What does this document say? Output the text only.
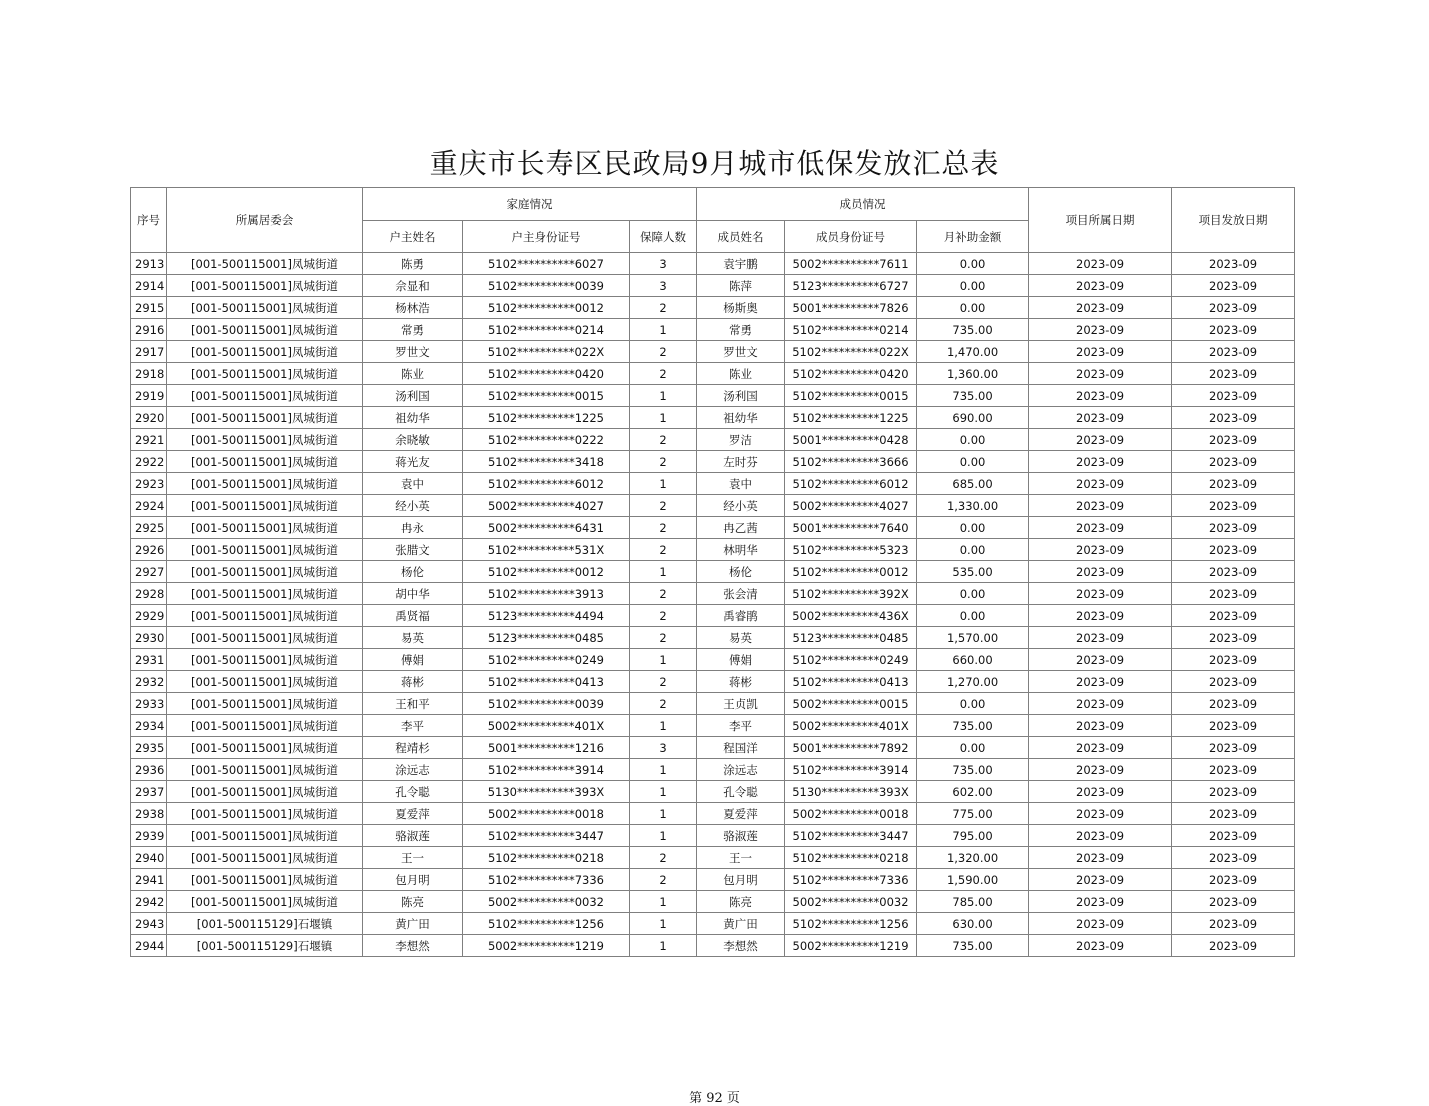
重庆市长寿区民政局9月城市低保发放汇总表
序号	所属居委会	家庭情况			成员情况			项目所属日期	项目发放日期
		户主姓名	户主身份证号	保障人数	成员姓名	成员身份证号	月补助金额		
2913	[001-500115001]凤城街道	陈勇	5102**********6027	3	袁宇鹏	5002**********7611	0.00	2023-09	2023-09
2914	[001-500115001]凤城街道	佘显和	5102**********0039	3	陈萍	5123**********6727	0.00	2023-09	2023-09
2915	[001-500115001]凤城街道	杨林浩	5102**********0012	2	杨斯奥	5001**********7826	0.00	2023-09	2023-09
2916	[001-500115001]凤城街道	常勇	5102**********0214	1	常勇	5102**********0214	735.00	2023-09	2023-09
2917	[001-500115001]凤城街道	罗世文	5102**********022X	2	罗世文	5102**********022X	1,470.00	2023-09	2023-09
2918	[001-500115001]凤城街道	陈业	5102**********0420	2	陈业	5102**********0420	1,360.00	2023-09	2023-09
2919	[001-500115001]凤城街道	汤利国	5102**********0015	1	汤利国	5102**********0015	735.00	2023-09	2023-09
2920	[001-500115001]凤城街道	祖幼华	5102**********1225	1	祖幼华	5102**********1225	690.00	2023-09	2023-09
2921	[001-500115001]凤城街道	余晓敏	5102**********0222	2	罗洁	5001**********0428	0.00	2023-09	2023-09
2922	[001-500115001]凤城街道	蒋光友	5102**********3418	2	左时芬	5102**********3666	0.00	2023-09	2023-09
2923	[001-500115001]凤城街道	袁中	5102**********6012	1	袁中	5102**********6012	685.00	2023-09	2023-09
2924	[001-500115001]凤城街道	经小英	5002**********4027	2	经小英	5002**********4027	1,330.00	2023-09	2023-09
2925	[001-500115001]凤城街道	冉永	5002**********6431	2	冉乙茜	5001**********7640	0.00	2023-09	2023-09
2926	[001-500115001]凤城街道	张腊文	5102**********531X	2	林明华	5102**********5323	0.00	2023-09	2023-09
2927	[001-500115001]凤城街道	杨伦	5102**********0012	1	杨伦	5102**********0012	535.00	2023-09	2023-09
2928	[001-500115001]凤城街道	胡中华	5102**********3913	2	张会清	5102**********392X	0.00	2023-09	2023-09
2929	[001-500115001]凤城街道	禹贤福	5123**********4494	2	禹睿鹃	5002**********436X	0.00	2023-09	2023-09
2930	[001-500115001]凤城街道	易英	5123**********0485	2	易英	5123**********0485	1,570.00	2023-09	2023-09
2931	[001-500115001]凤城街道	傅娟	5102**********0249	1	傅娟	5102**********0249	660.00	2023-09	2023-09
2932	[001-500115001]凤城街道	蒋彬	5102**********0413	2	蒋彬	5102**********0413	1,270.00	2023-09	2023-09
2933	[001-500115001]凤城街道	王和平	5102**********0039	2	王贞凯	5002**********0015	0.00	2023-09	2023-09
2934	[001-500115001]凤城街道	李平	5002**********401X	1	李平	5002**********401X	735.00	2023-09	2023-09
2935	[001-500115001]凤城街道	程靖杉	5001**********1216	3	程国洋	5001**********7892	0.00	2023-09	2023-09
2936	[001-500115001]凤城街道	涂远志	5102**********3914	1	涂远志	5102**********3914	735.00	2023-09	2023-09
2937	[001-500115001]凤城街道	孔令聪	5130**********393X	1	孔令聪	5130**********393X	602.00	2023-09	2023-09
2938	[001-500115001]凤城街道	夏爱萍	5002**********0018	1	夏爱萍	5002**********0018	775.00	2023-09	2023-09
2939	[001-500115001]凤城街道	骆淑莲	5102**********3447	1	骆淑莲	5102**********3447	795.00	2023-09	2023-09
2940	[001-500115001]凤城街道	王一	5102**********0218	2	王一	5102**********0218	1,320.00	2023-09	2023-09
2941	[001-500115001]凤城街道	包月明	5102**********7336	2	包月明	5102**********7336	1,590.00	2023-09	2023-09
2942	[001-500115001]凤城街道	陈亮	5002**********0032	1	陈亮	5002**********0032	785.00	2023-09	2023-09
2943	[001-500115129]石堰镇	黄广田	5102**********1256	1	黄广田	5102**********1256	630.00	2023-09	2023-09
2944	[001-500115129]石堰镇	李想然	5002**********1219	1	李想然	5002**********1219	735.00	2023-09	2023-09
第 92 页
